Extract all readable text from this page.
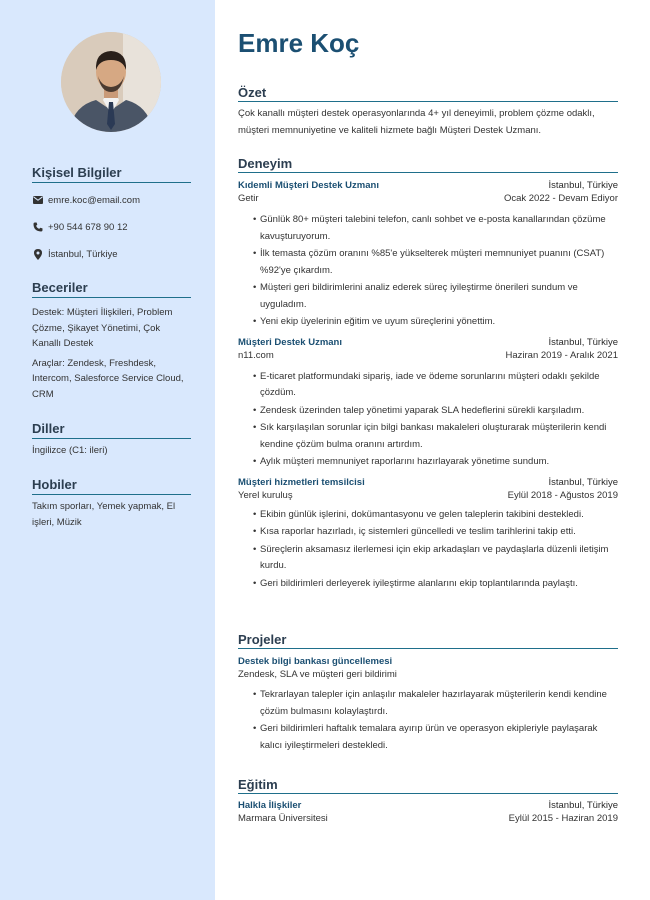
Kişisel Bilgiler
emre.koc@email.com
+90 544 678 90 12
İstanbul, Türkiye
Beceriler
Destek: Müşteri İlişkileri, Problem Çözme, Şikayet Yönetimi, Çok Kanallı Destek
Araçlar: Zendesk, Freshdesk, Intercom, Salesforce Service Cloud, CRM
Diller
İngilizce (C1: ileri)
Hobiler
Takım sporları, Yemek yapmak, El işleri, Müzik
Emre Koç
Özet
Çok kanallı müşteri destek operasyonlarında 4+ yıl deneyimli, problem çözme odaklı, müşteri memnuniyetine ve kaliteli hizmete bağlı Müşteri Destek Uzmanı.
Deneyim
Kıdemli Müşteri Destek Uzmanı	İstanbul, Türkiye
Getir	Ocak 2022 - Devam Ediyor
• Günlük 80+ müşteri talebini telefon, canlı sohbet ve e-posta kanallarından çözüme kavuşturuyorum.
• İlk temasta çözüm oranını %85'e yükselterek müşteri memnuniyet puanını (CSAT) %92'ye çıkardım.
• Müşteri geri bildirimlerini analiz ederek süreç iyileştirme önerileri sundum ve uyguladım.
• Yeni ekip üyelerinin eğitim ve uyum süreçlerini yönettim.
Müşteri Destek Uzmanı	İstanbul, Türkiye
n11.com	Haziran 2019 - Aralık 2021
• E-ticaret platformundaki sipariş, iade ve ödeme sorunlarını müşteri odaklı şekilde çözdüm.
• Zendesk üzerinden talep yönetimi yaparak SLA hedeflerini sürekli karşıladım.
• Sık karşılaşılan sorunlar için bilgi bankası makaleleri oluşturarak müşterilerin kendi kendine çözüm bulma oranını artırdım.
• Aylık müşteri memnuniyet raporlarını hazırlayarak yönetime sundum.
Müşteri hizmetleri temsilcisi	İstanbul, Türkiye
Yerel kuruluş	Eylül 2018 - Ağustos 2019
• Ekibin günlük işlerini, dokümantasyonu ve gelen taleplerin takibini destekledi.
• Kısa raporlar hazırladı, iç sistemleri güncelledi ve teslim tarihlerini takip etti.
• Süreçlerin aksamasız ilerlemesi için ekip arkadaşları ve paydaşlarla düzenli iletişim kurdu.
• Geri bildirimleri derleyerek iyileştirme alanlarını ekip toplantılarında paylaştı.
Projeler
Destek bilgi bankası güncellemesi
Zendesk, SLA ve müşteri geri bildirimi
• Tekrarlayan talepler için anlaşılır makaleler hazırlayarak müşterilerin kendi kendine çözüm bulmasını kolaylaştırdı.
• Geri bildirimleri haftalık temalara ayırıp ürün ve operasyon ekipleriyle paylaşarak kalıcı iyileştirmeleri destekledi.
Eğitim
Halkla İlişkiler	İstanbul, Türkiye
Marmara Üniversitesi	Eylül 2015 - Haziran 2019
